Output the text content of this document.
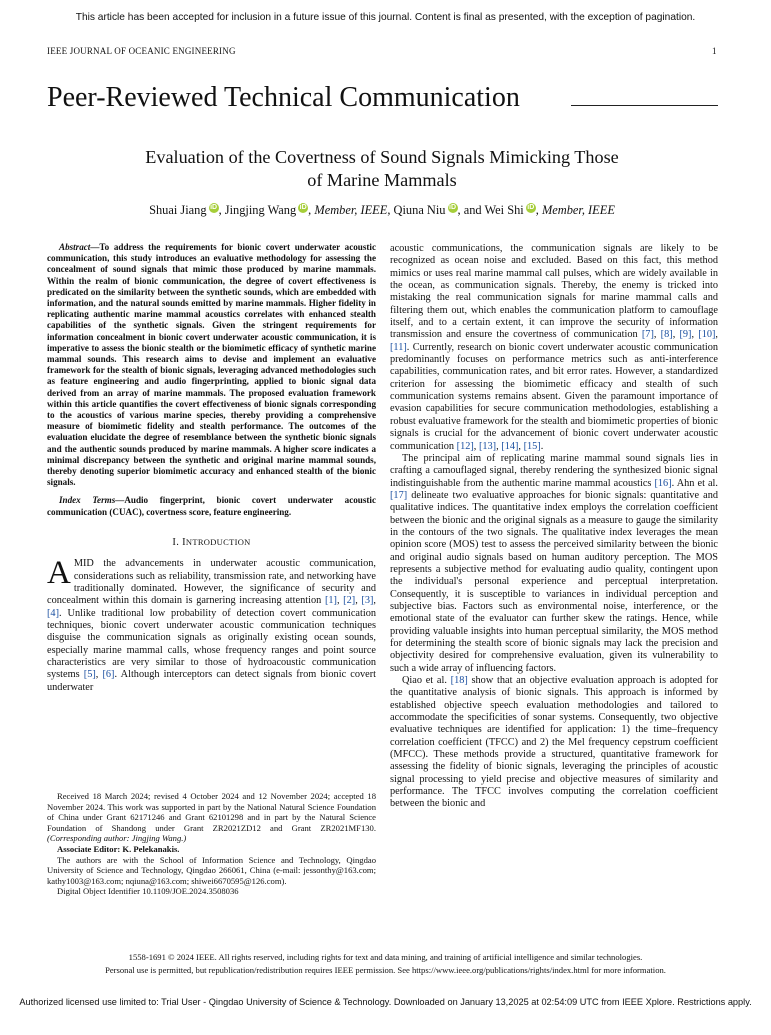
This article has been accepted for inclusion in a future issue of this journal. Content is final as presented, with the exception of pagination.
IEEE JOURNAL OF OCEANIC ENGINEERING	1
Peer-Reviewed Technical Communication
Evaluation of the Covertness of Sound Signals Mimicking Those
of Marine Mammals
Shuai Jiang iD , Jingjing Wang iD , Member, IEEE, Qiuna Niu iD , and Wei Shi iD , Member, IEEE

Abstract—To address the requirements for bionic covert underwater acoustic communication, this study introduces an evaluative methodology for assessing the concealment of sound signals that mimic those produced by marine mammals. Within the realm of bionic communication, the degree of covert effectiveness is predicated on the similarity between the synthetic sounds, which are embedded with information, and the natural sounds emitted by marine mammals. Higher fidelity in replicating authentic marine mammal acoustics correlates with enhanced stealth capabilities of the synthetic signals. Given the stringent requirements for information concealment in bionic covert underwater acoustic communication, it is imperative to assess the bionic stealth or the biomimetic efficacy of synthetic marine mammal sounds. This research aims to devise and implement an evaluative framework for the stealth of bionic signals, leveraging advanced methodologies such as feature engineering and audio fingerprinting, applied to bionic signal data derived from an array of marine mammals. The proposed evaluation framework within this article quantifies the covert effectiveness of bionic signals corresponding to the acoustics of various marine species, thereby providing a comprehensive measure of biomimetic fidelity and stealth performance. The outcomes of the evaluation elucidate the degree of resemblance between the synthetic bionic signals and the authentic sounds produced by marine mammals. A higher score indicates a minimal discrepancy between the synthetic and original marine mammal sounds, thereby denoting superior biomimetic accuracy and enhanced stealth of the bionic signals.

Index Terms—Audio fingerprint, bionic covert underwater acoustic communication (CUAC), covertness score, feature engineering.

I. INTRODUCTION

AMID the advancements in underwater acoustic communication, considerations such as reliability, transmission rate, and networking have traditionally dominated. However, the significance of security and concealment within this domain is garnering increasing attention [1], [2], [3], [4]. Unlike traditional low probability of detection covert communication techniques, bionic covert underwater acoustic communication techniques disguise the communication signals as originally existing ocean sounds, especially marine mammal calls, whose frequency ranges and point source characteristics are very similar to those of hydroacoustic communication systems [5], [6]. Although interceptors can detect signals from bionic covert underwater

Received 18 March 2024; revised 4 October 2024 and 12 November 2024; accepted 18 November 2024. This work was supported in part by the National Natural Science Foundation of China under Grant 62171246 and Grant 62101298 and in part by the Natural Science Foundation of Shandong under Grant ZR2021ZD12 and Grant ZR2021MF130. (Corresponding author: Jingjing Wang.)

Associate Editor: K. Pelekanakis.

The authors are with the School of Information Science and Technology, Qingdao University of Science and Technology, Qingdao 266061, China (e-mail: jessonthy@163.com; kathy1003@163.com; nqiuna@163.com; shiwei6670595@126.com).

Digital Object Identifier 10.1109/JOE.2024.3508036

acoustic communications, the communication signals are likely to be recognized as ocean noise and excluded. Based on this fact, this method mimics or uses real marine mammal call pulses, which are widely available in the ocean, as communication signals. Thereby, the enemy is tricked into mistaking the real communication signals for marine mammal calls and filtering them out, which enables the communication platform to camouflage itself, and to a certain extent, it can improve the security of information transmission and ensure the covertness of communication [7], [8], [9], [10], [11]. Currently, research on bionic covert underwater acoustic communication predominantly focuses on performance metrics such as anti-interference capabilities, communication rates, and bit error rates. However, a standardized criterion for assessing the biomimetic efficacy and stealth of such communication systems remains absent. Given the paramount importance of evasion capabilities for secure communication methodologies, establishing a robust evaluative framework for the stealth and biomimetic properties of bionic signals is crucial for the advancement of bionic covert underwater acoustic communication [12], [13], [14], [15].

The principal aim of replicating marine mammal sound signals lies in crafting a camouflaged signal, thereby rendering the synthesized bionic signal indistinguishable from the authentic marine mammal acoustics [16]. Ahn et al. [17] delineate two evaluative approaches for bionic signals: quantitative and qualitative indices. The quantitative index employs the correlation coefficient between the bionic and the original signals as a measure to gauge the similarity in the contours of the two signals. The qualitative index leverages the mean opinion score (MOS) test to assess the perceived similarity between the bionic and original audio signals based on human auditory perception. The MOS represents a subjective method for evaluating audio quality, contingent upon the individual's personal experience and perceptual interpretation. Consequently, it is susceptible to variances in individual perception and subjective bias. Factors such as environmental noise, interference, or the emotional state of the evaluator can further skew the ratings. Hence, while providing valuable insights into human perceptual similarity, the MOS method for determining the stealth score of bionic signals may lack the precision and objectivity desired for comprehensive evaluation, given its vulnerability to such a wide array of influencing factors.

Qiao et al. [18] show that an objective evaluation approach is adopted for the quantitative analysis of bionic signals. This approach is informed by established objective speech evaluation methodologies and tailored to accommodate the specificities of sonar systems. Consequently, two objective evaluative techniques are identified for application: 1) the time–frequency correlation coefficient (TFCC) and 2) the Mel frequency cepstrum coefficient (MFCC). These methods provide a structured, quantitative framework for assessing the fidelity of bionic signals, leveraging the principles of acoustic signal processing to yield precise and objective measures of similarity and performance. The TFCC involves computing the correlation coefficient between the bionic and

1558-1691 © 2024 IEEE. All rights reserved, including rights for text and data mining, and training of artificial intelligence and similar technologies.
Personal use is permitted, but republication/redistribution requires IEEE permission. See https://www.ieee.org/publications/rights/index.html for more information.
Authorized licensed use limited to: Trial User - Qingdao University of Science & Technology. Downloaded on January 13,2025 at 02:54:09 UTC from IEEE Xplore. Restrictions apply.
